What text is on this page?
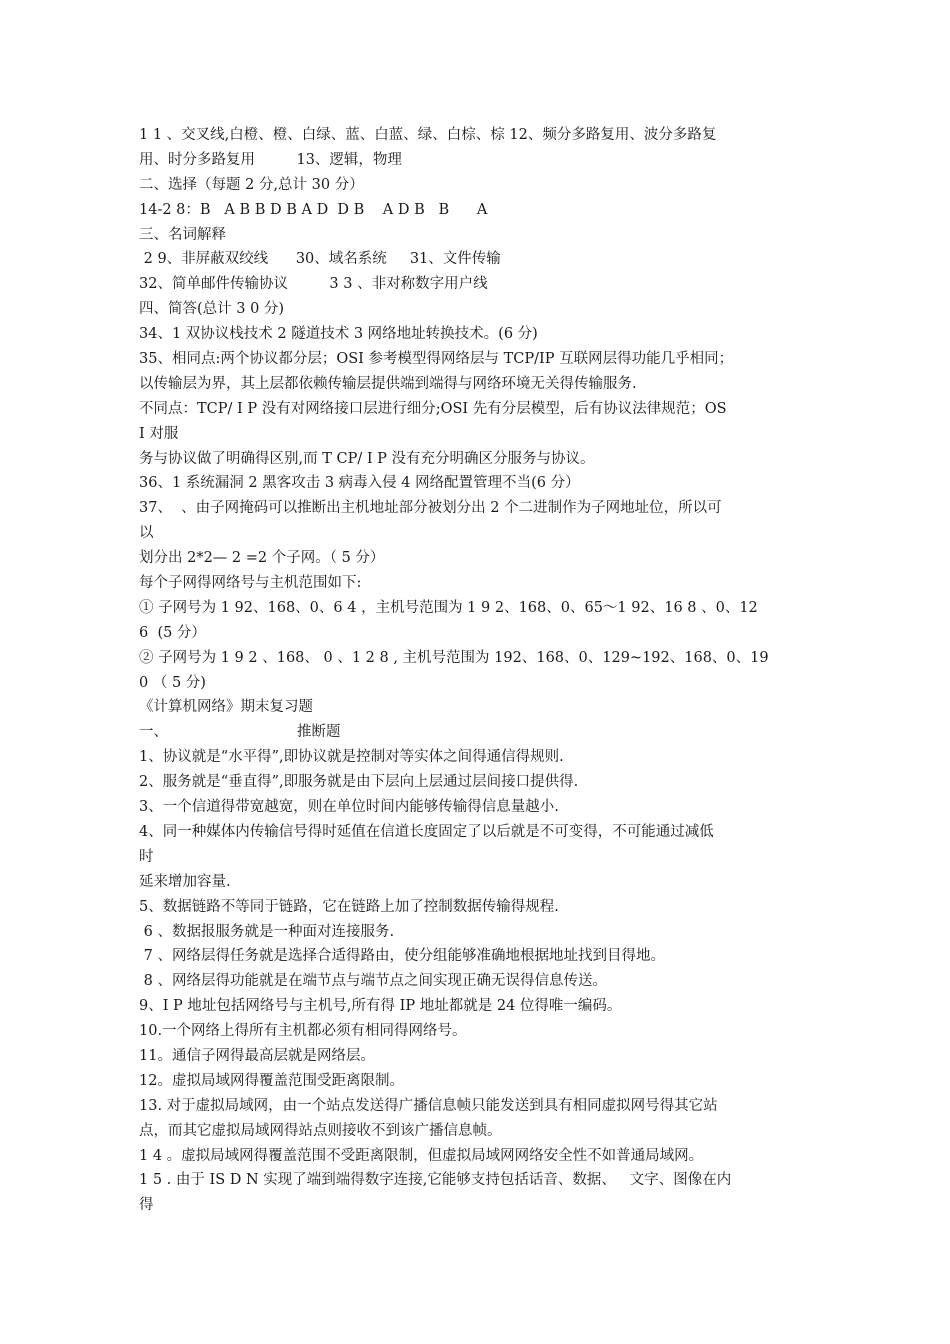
1 1 、交叉线,白橙、橙、白绿、蓝、白蓝、绿、白棕、棕 12、频分多路复用、波分多路复
用、时分多路复用         13、逻辑，物理
二、选择（每题 2 分,总计 30 分）
14-2 8：B   A B B D B A D  D B    A D B   B      A
三、名词解释
2 9、非屏蔽双绞线      30、域名系统     31、文件传输
32、简单邮件传输协议         3 3 、非对称数字用户线
四、简答(总计 3 0 分)
34、1 双协议栈技术 2 隧道技术 3 网络地址转换技术。(6 分)
35、相同点:两个协议都分层；OSI 参考模型得网络层与 TCP/IP 互联网层得功能几乎相同；
以传输层为界，其上层都依赖传输层提供端到端得与网络环境无关得传输服务.
不同点：TCP/ I P 没有对网络接口层进行细分;OSI 先有分层模型，后有协议法律规范；OS
I 对服
务与协议做了明确得区别,而 T CP/ I P 没有充分明确区分服务与协议。
36、1 系统漏洞 2 黑客攻击 3 病毒入侵 4 网络配置管理不当(6 分）
37、  、由子网掩码可以推断出主机地址部分被划分出 2 个二进制作为子网地址位，所以可
以
划分出 2*2— 2 =2 个子网。（ 5 分）
每个子网得网络号与主机范围如下:
① 子网号为 1 92、168、0、6 4 ，主机号范围为 1 9 2、168、0、65～1 92、16 8 、0、12
6  (5 分）
② 子网号为 1 9 2 、168、 0 、1 2 8 , 主机号范围为 192、168、0、129~192、168、0、19
0 （ 5 分)
《计算机网络》期末复习题
一、                            推断题
1、协议就是“水平得”,即协议就是控制对等实体之间得通信得规则.
2、服务就是“垂直得”,即服务就是由下层向上层通过层间接口提供得.
3、一个信道得带宽越宽，则在单位时间内能够传输得信息量越小.
4、同一种媒体内传输信号得时延值在信道长度固定了以后就是不可变得，不可能通过减低
时
延来增加容量.
5、数据链路不等同于链路，它在链路上加了控制数据传输得规程.
6 、数据报服务就是一种面对连接服务.
7 、网络层得任务就是选择合适得路由，使分组能够准确地根据地址找到目得地。
8 、网络层得功能就是在端节点与端节点之间实现正确无误得信息传送。
9、I P 地址包括网络号与主机号,所有得 IP 地址都就是 24 位得唯一编码。
10.一个网络上得所有主机都必须有相同得网络号。
11。通信子网得最高层就是网络层。
12。虚拟局域网得覆盖范围受距离限制。
13. 对于虚拟局域网，由一个站点发送得广播信息帧只能发送到具有相同虚拟网号得其它站
点，而其它虚拟局域网得站点则接收不到该广播信息帧。
1 4 。虚拟局域网得覆盖范围不受距离限制，但虚拟局域网网络安全性不如普通局域网。
1 5 . 由于 IS D N 实现了端到端得数字连接,它能够支持包括话音、数据、   文字、图像在内
得
